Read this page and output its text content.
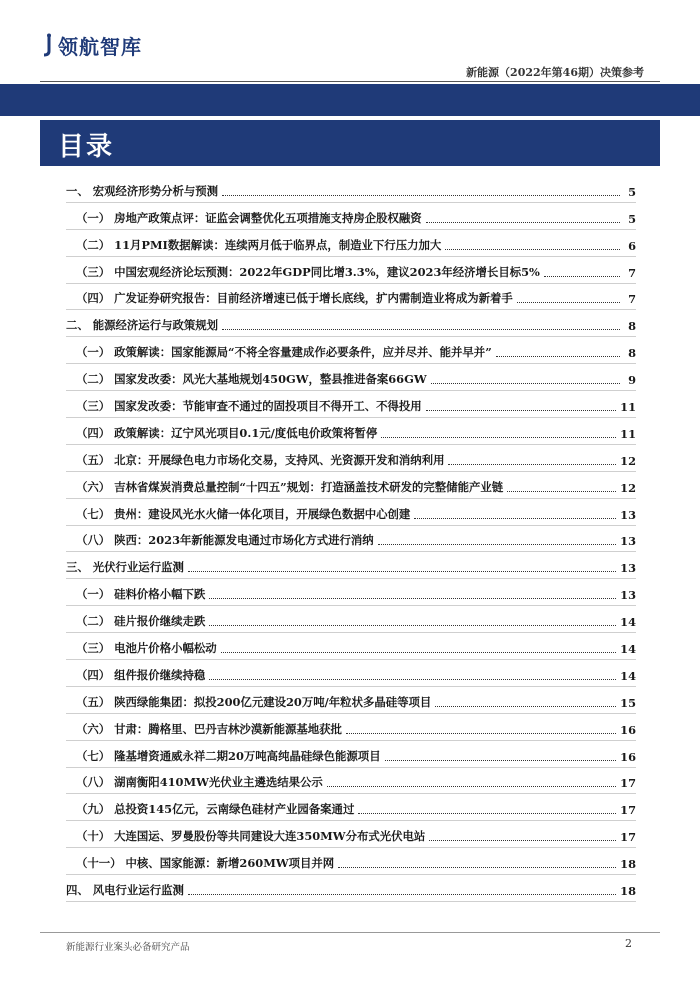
领航智库
新能源（2022年第46期）决策参考
目录
一、 宏观经济形势分析与预测	5
（一） 房地产政策点评：证监会调整优化五项措施支持房企股权融资	5
（二） 11月PMI数据解读：连续两月低于临界点，制造业下行压力加大	6
（三） 中国宏观经济论坛预测：2022年GDP同比增3.3%，建议2023年经济增长目标5%	7
（四） 广发证券研究报告：目前经济增速已低于增长底线，扩内需制造业将成为新着手	7
二、 能源经济运行与政策规划	8
（一） 政策解读：国家能源局“不将全容量建成作必要条件，应并尽并、能并早并”	8
（二） 国家发改委：风光大基地规划450GW，整县推进备案66GW	9
（三） 国家发改委：节能审查不通过的固投项目不得开工、不得投用	11
（四） 政策解读：辽宁风光项目0.1元/度低电价政策将暂停	11
（五） 北京：开展绿色电力市场化交易，支持风、光资源开发和消纳利用	12
（六） 吉林省煤炭消费总量控制“十四五”规划：打造涵盖技术研发的完整储能产业链	12
（七） 贵州：建设风光水火储一体化项目，开展绿色数据中心创建	13
（八） 陕西：2023年新能源发电通过市场化方式进行消纳	13
三、 光伏行业运行监测	13
（一） 硅料价格小幅下跌	13
（二） 硅片报价继续走跌	14
（三） 电池片价格小幅松动	14
（四） 组件报价继续持稳	14
（五） 陕西绿能集团：拟投200亿元建设20万吨/年粒状多晶硅等项目	15
（六） 甘肃：腾格里、巴丹吉林沙漠新能源基地获批	16
（七） 隆基增资通威永祥二期20万吨高纯晶硅绿色能源项目	16
（八） 湖南衡阳410MW光伏业主遴选结果公示	17
（九） 总投资145亿元，云南绿色硅材产业园备案通过	17
（十） 大连国运、罗曼股份等共同建设大连350MW分布式光伏电站	17
（十一） 中核、国家能源：新增260MW项目并网	18
四、 风电行业运行监测	18
新能源行业案头必备研究产品	2
